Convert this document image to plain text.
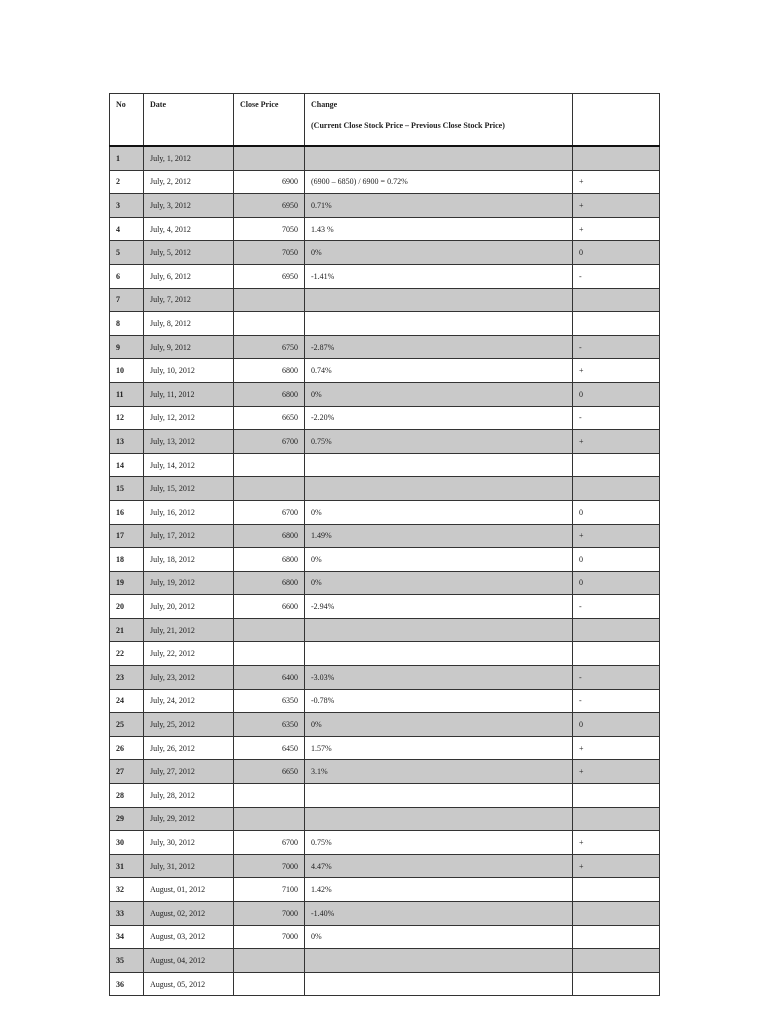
No	Date	Close Price	Change
(Current Close Stock Price – Previous Close Stock Price)	

1	July, 1, 2012			
2	July, 2, 2012	6900	(6900 – 6850) / 6900 = 0.72%	+
3	July, 3, 2012	6950	0.71%	+
4	July, 4, 2012	7050	1.43 %	+
5	July, 5, 2012	7050	0%	0
6	July, 6, 2012	6950	-1.41%	-
7	July, 7, 2012			
8	July, 8, 2012			
9	July, 9, 2012	6750	-2.87%	-
10	July, 10, 2012	6800	0.74%	+
11	July, 11, 2012	6800	0%	0
12	July, 12, 2012	6650	-2.20%	-
13	July, 13, 2012	6700	0.75%	+
14	July, 14, 2012			
15	July, 15, 2012			
16	July, 16, 2012	6700	0%	0
17	July, 17, 2012	6800	1.49%	+
18	July, 18, 2012	6800	0%	0
19	July, 19, 2012	6800	0%	0
20	July, 20, 2012	6600	-2.94%	-
21	July, 21, 2012			
22	July, 22, 2012			
23	July, 23, 2012	6400	-3.03%	-
24	July, 24, 2012	6350	-0.78%	-
25	July, 25, 2012	6350	0%	0
26	July, 26, 2012	6450	1.57%	+
27	July, 27, 2012	6650	3.1%	+
28	July, 28, 2012			
29	July, 29, 2012			
30	July, 30, 2012	6700	0.75%	+
31	July, 31, 2012	7000	4.47%	+
32	August, 01, 2012	7100	1.42%	
33	August, 02, 2012	7000	-1.40%	
34	August, 03, 2012	7000	0%	
35	August, 04, 2012			
36	August, 05, 2012			
